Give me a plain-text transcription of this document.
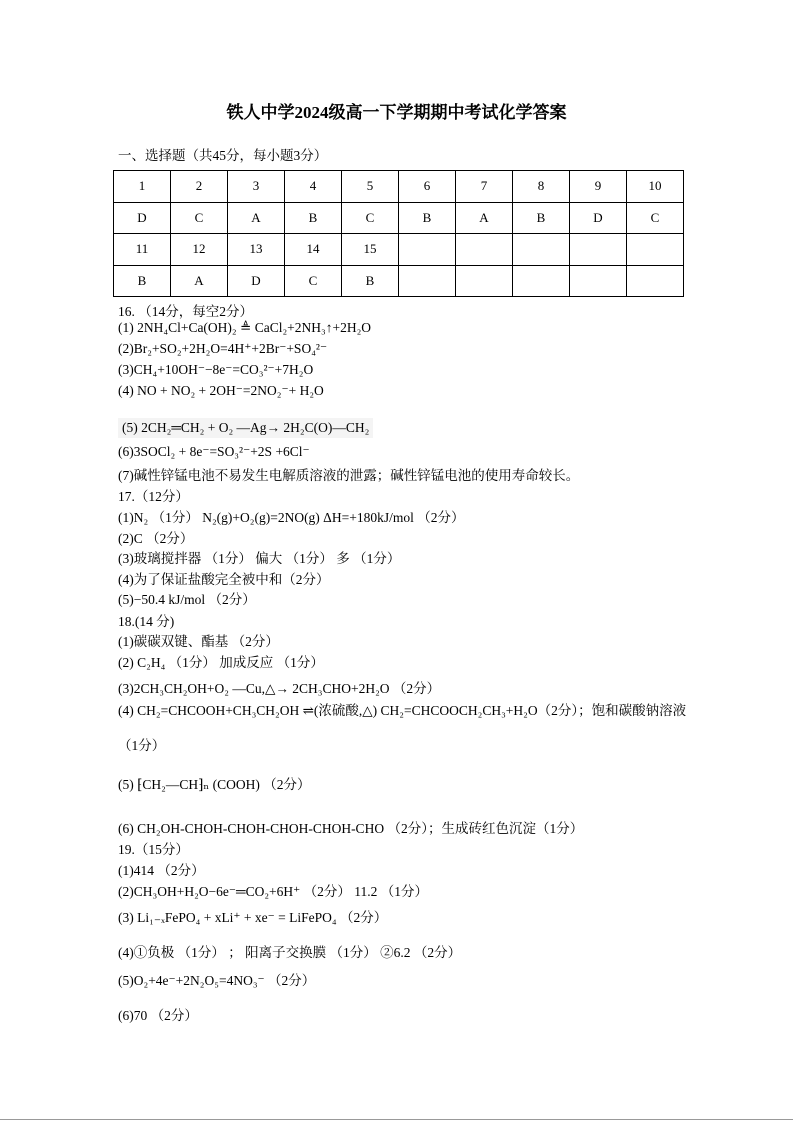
铁人中学2024级高一下学期期中考试化学答案
一、选择题（共45分，每小题3分）
1	2	3	4	5	6	7	8	9	10
D	C	A	B	C	B	A	B	D	C
11	12	13	14	15					
B	A	D	C	B					
16. （14分，每空2分）
(1) 2NH₄Cl+Ca(OH)₂ ≜ CaCl₂+2NH₃↑+2H₂O
(2)Br₂+SO₂+2H₂O=4H⁺+2Br⁻+SO₄²⁻
(3)CH₄+10OH⁻−8e⁻=CO₃²⁻+7H₂O
(4) NO + NO₂ + 2OH⁻=2NO₂⁻+ H₂O
(5) 2CH₂═CH₂ + O₂ —Ag→ 2H₂C(O)—CH₂
(6)3SOCl₂ + 8e⁻=SO₃²⁻+2S +6Cl⁻
(7)碱性锌锰电池不易发生电解质溶液的泄露；碱性锌锰电池的使用寿命较长。
17.（12分）
(1)N₂ （1分） N₂(g)+O₂(g)=2NO(g) ΔH=+180kJ/mol （2分）
(2)C （2分）
(3)玻璃搅拌器 （1分） 偏大 （1分） 多 （1分）
(4)为了保证盐酸完全被中和（2分）
(5)−50.4 kJ/mol （2分）
18.(14 分)
(1)碳碳双键、酯基 （2分）
(2) C₂H₄ （1分） 加成反应 （1分）
(3)2CH₃CH₂OH+O₂ —Cu,△→ 2CH₃CHO+2H₂O （2分）
(4) CH₂=CHCOOH+CH₃CH₂OH ⇌(浓硫酸,△) CH₂=CHCOOCH₂CH₃+H₂O（2分）；饱和碳酸钠溶液
（1分）
(5) ⁅CH₂—CH⁆ₙ (COOH) （2分）
(6) CH₂OH-CHOH-CHOH-CHOH-CHOH-CHO （2分）；生成砖红色沉淀（1分）
19.（15分）
(1)414 （2分）
(2)CH₃OH+H₂O−6e⁻═CO₂+6H⁺ （2分） 11.2 （1分）
(3) Li₁₋ₓFePO₄ + xLi⁺ + xe⁻ = LiFePO₄ （2分）
(4)①负极 （1分） ； 阳离子交换膜 （1分） ②6.2 （2分）
(5)O₂+4e⁻+2N₂O₅=4NO₃⁻ （2分）
(6)70 （2分）
